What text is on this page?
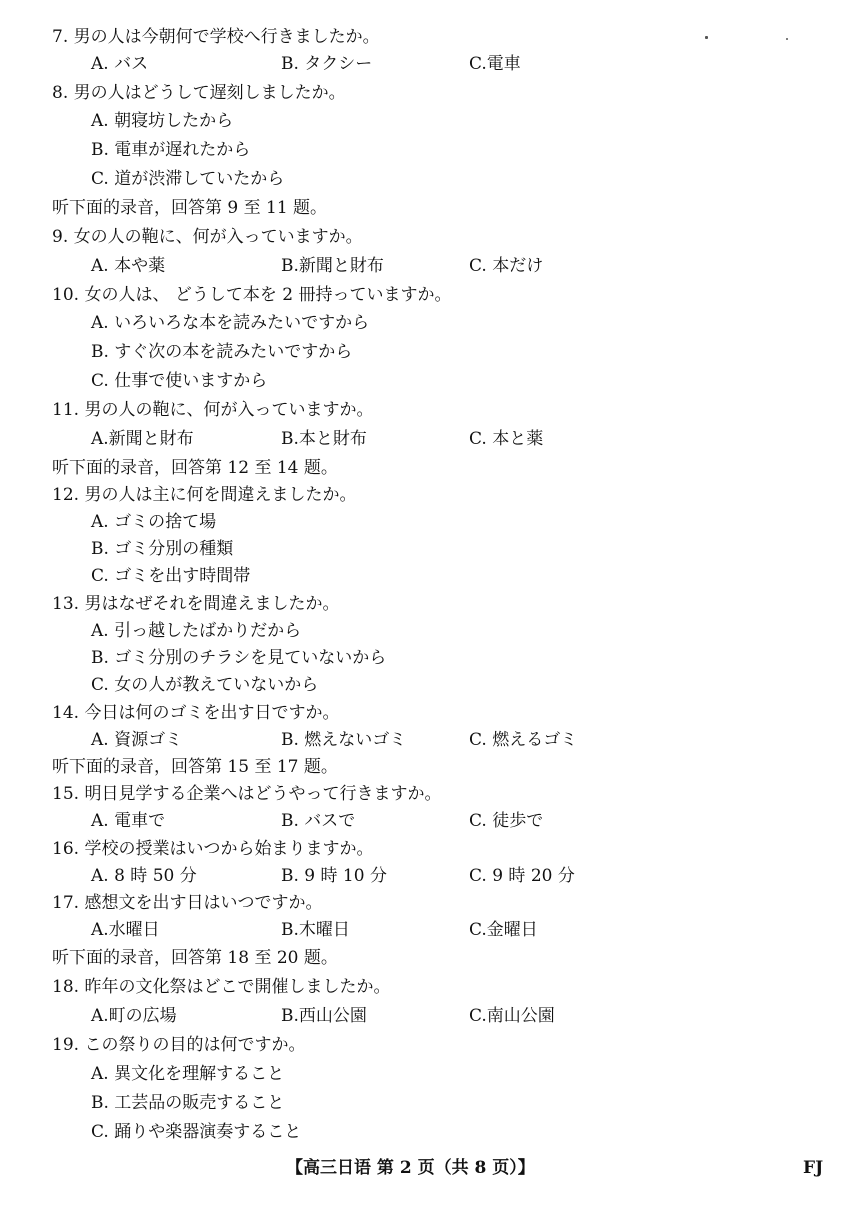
7. 男の人は今朝何で学校へ行きましたか。
A. バス	B. タクシー	C.電車
8. 男の人はどうして遅刻しましたか。
A. 朝寝坊したから
B. 電車が遅れたから
C. 道が渋滞していたから
听下面的录音，回答第 9 至 11 题。
9. 女の人の鞄に、何が入っていますか。
A. 本や薬	B.新聞と財布	C. 本だけ
10. 女の人は、 どうして本を 2 冊持っていますか。
A. いろいろな本を読みたいですから
B. すぐ次の本を読みたいですから
C. 仕事で使いますから
11. 男の人の鞄に、何が入っていますか。
A.新聞と財布	B.本と財布	C. 本と薬
听下面的录音，回答第 12 至 14 题。
12. 男の人は主に何を間違えましたか。
A. ゴミの捨て場
B. ゴミ分別の種類
C. ゴミを出す時間帯
13. 男はなぜそれを間違えましたか。
A. 引っ越したばかりだから
B. ゴミ分別のチラシを見ていないから
C. 女の人が教えていないから
14. 今日は何のゴミを出す日ですか。
A. 資源ゴミ	B. 燃えないゴミ	C. 燃えるゴミ
听下面的录音，回答第 15 至 17 题。
15. 明日見学する企業へはどうやって行きますか。
A. 電車で	B. バスで	C. 徒歩で
16. 学校の授業はいつから始まりますか。
A. 8 時 50 分	B. 9 時 10 分	C. 9 時 20 分
17. 感想文を出す日はいつですか。
A.水曜日	B.木曜日	C.金曜日
听下面的录音，回答第 18 至 20 题。
18. 昨年の文化祭はどこで開催しましたか。
A.町の広場	B.西山公園	C.南山公園
19. この祭りの目的は何ですか。
A. 異文化を理解すること
B. 工芸品の販売すること
C. 踊りや楽器演奏すること
【高三日语 第 2 页（共 8 页）】	FJ
